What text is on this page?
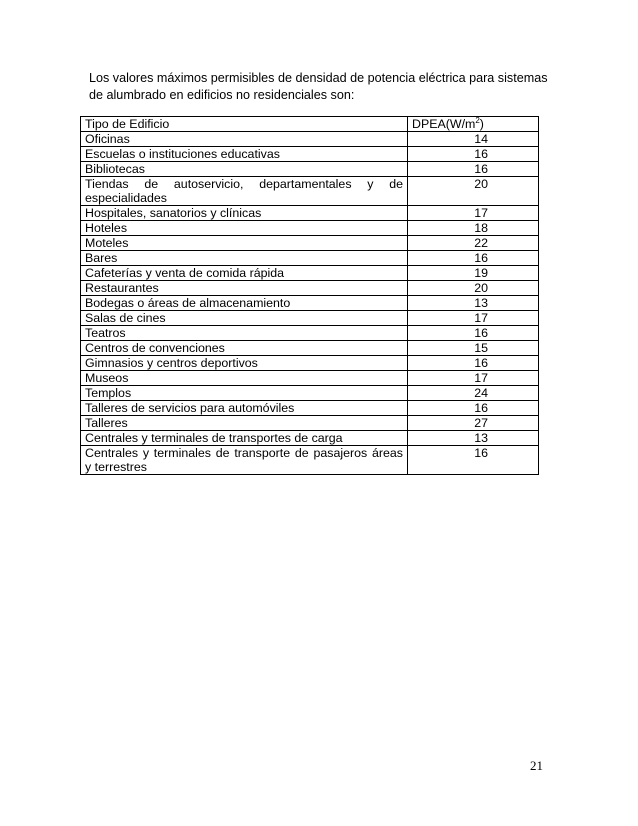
Los valores máximos permisibles de densidad de potencia eléctrica para sistemas de alumbrado en edificios no residenciales son:

Tipo de Edificio	$DPEA(W/m^2)$
Oficinas	14
Escuelas o instituciones educativas	16
Bibliotecas	16
Tiendas de autoservicio, departamentales y de especialidades	20
Hospitales, sanatorios y clínicas	17
Hoteles	18
Moteles	22
Bares	16
Cafeterías y venta de comida rápida	19
Restaurantes	20
Bodegas o áreas de almacenamiento	13
Salas de cines	17
Teatros	16
Centros de convenciones	15
Gimnasios y centros deportivos	16
Museos	17
Templos	24
Talleres de servicios para automóviles	16
Talleres	27
Centrales y terminales de transportes de carga	13
Centrales y terminales de transporte de pasajeros áreas y terrestres	16
21
